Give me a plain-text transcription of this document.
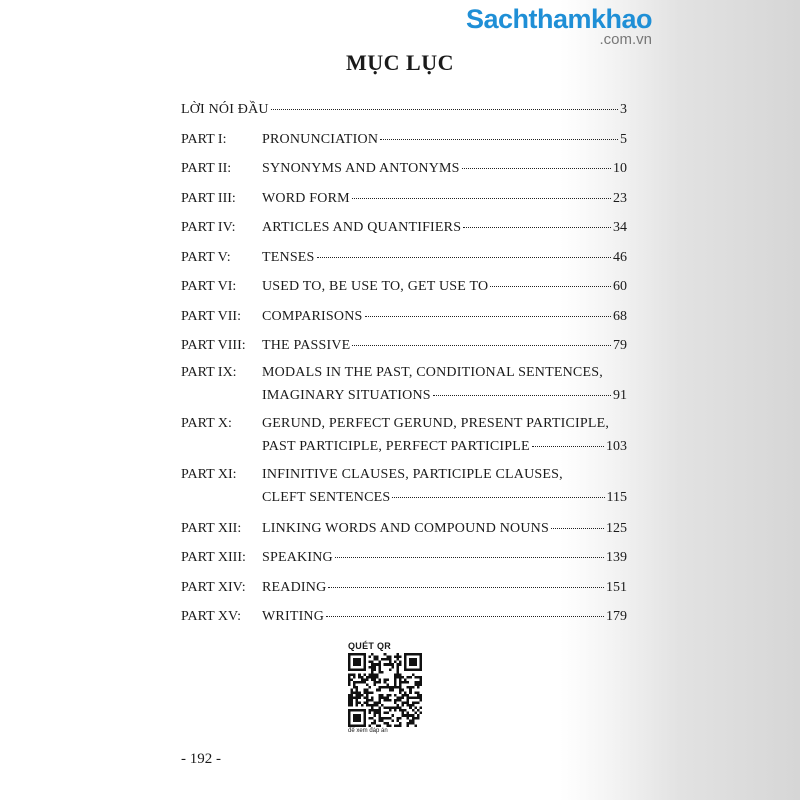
Sachthamkhao
.com.vn
MỤC LỤC
LỜI NÓI ĐẦU	3
PART I:	PRONUNCIATION	5
PART II:	SYNONYMS AND ANTONYMS	10
PART III:	WORD FORM	23
PART IV:	ARTICLES AND QUANTIFIERS	34
PART V:	TENSES	46
PART VI:	USED TO, BE USE TO, GET USE TO	60
PART VII:	COMPARISONS	68
PART VIII:	THE PASSIVE	79
PART IX:	MODALS IN THE PAST, CONDITIONAL SENTENCES,
IMAGINARY SITUATIONS	91
PART X:	GERUND, PERFECT GERUND, PRESENT PARTICIPLE,
PAST PARTICIPLE, PERFECT PARTICIPLE	103
PART XI:	INFINITIVE CLAUSES, PARTICIPLE CLAUSES,
CLEFT SENTENCES	115
PART XII:	LINKING WORDS AND COMPOUND NOUNS	125
PART XIII:	SPEAKING	139
PART XIV:	READING	151
PART XV:	WRITING	179
QUÉT QR
để xem đáp án
- 192 -
